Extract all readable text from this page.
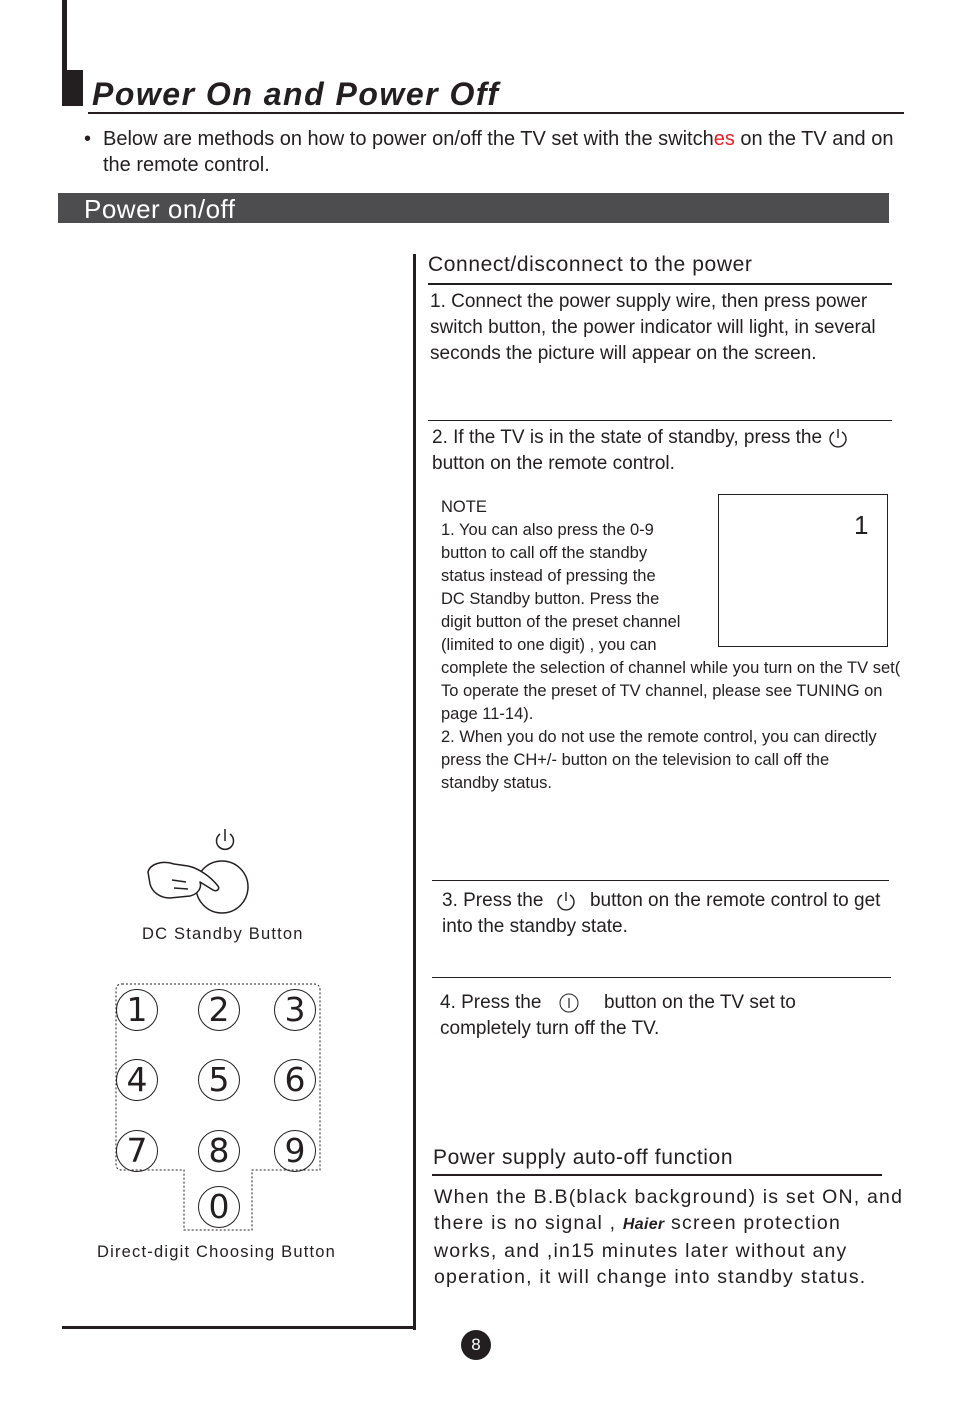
Power On and Power Off
• Below are methods on how to power on/off the TV set with the switches on the TV and on the remote control.
Power on/off
DC Standby Button
1	2	3
4	5	6
7	8	9
0
Direct-digit Choosing Button
Connect/disconnect to the power
1. Connect the power supply wire, then press power switch button, the power indicator will light, in several seconds the picture will appear on the screen.
2. If the TV is in the state of standby, press the
button on the remote control.
NOTE
1. You can also press the 0-9
button to call off the standby
status instead of pressing the
DC Standby button. Press the
digit button of the preset channel
(limited to one digit) , you can
complete the selection of channel while you turn on the TV set( To operate the preset of TV channel, please see TUNING on page 11-14).
2. When you do not use the remote control, you can directly press the CH+/- button on the television to call off the standby status.
1
3. Press the button on the remote control to get into the standby state.
4. Press the	button on the TV set to completely turn off the TV.
Power supply auto-off function
When the B.B(black background) is set ON, and there is no signal , Haier screen protection works, and ,in15 minutes later without any operation, it will change into standby status.
8
